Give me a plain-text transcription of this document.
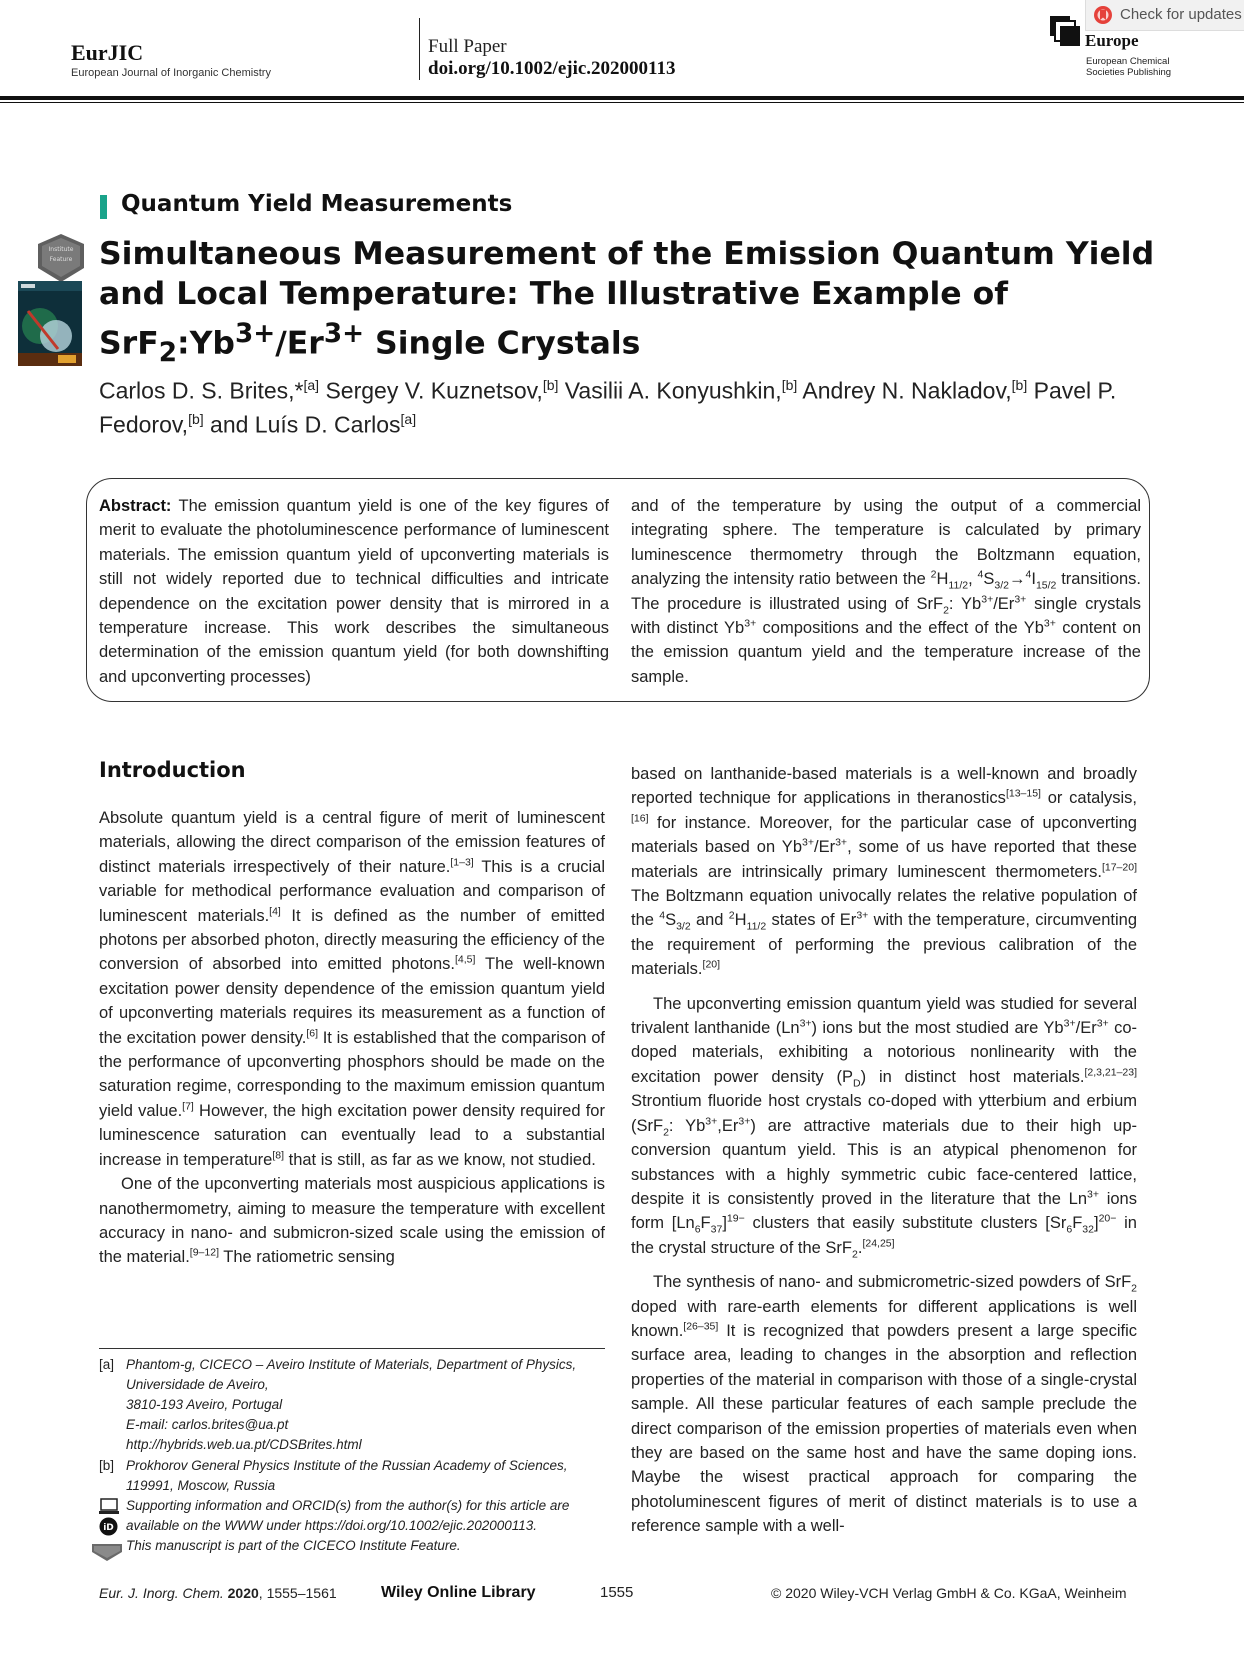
EurJIC
European Journal of Inorganic Chemistry
Full Paper
doi.org/10.1002/ejic.202000113
Europe
European Chemical
Societies Publishing
Check for updates
Institute
Feature
Quantum Yield Measurements
Simultaneous Measurement of the Emission Quantum Yield and Local Temperature: The Illustrative Example of $SrF_2:Yb^{3+}/Er^{3+}$ Single Crystals
Carlos D. S. Brites,*[a] Sergey V. Kuznetsov,[b] Vasilii A. Konyushkin,[b] Andrey N. Nakladov,[b] Pavel P. Fedorov,[b] and Luís D. Carlos[a]
Abstract: The emission quantum yield is one of the key figures of merit to evaluate the photoluminescence performance of luminescent materials. The emission quantum yield of upconverting materials is still not widely reported due to technical difficulties and intricate dependence on the excitation power density that is mirrored in a temperature increase. This work describes the simultaneous determination of the emission quantum yield (for both downshifting and upconverting processes)
and of the temperature by using the output of a commercial integrating sphere. The temperature is calculated by primary luminescence thermometry through the Boltzmann equation, analyzing the intensity ratio between the $^2H_{11/2}$, $^4S_{3/2}\to^4I_{15/2}$ transitions. The procedure is illustrated using of SrF$_2$: $Yb^{3+}/Er^{3+}$ single crystals with distinct $Yb^{3+}$ compositions and the effect of the $Yb^{3+}$ content on the emission quantum yield and the temperature increase of the sample.
Introduction

Absolute quantum yield is a central figure of merit of luminescent materials, allowing the direct comparison of the emission features of distinct materials irrespectively of their nature.[1–3] This is a crucial variable for methodical performance evaluation and comparison of luminescent materials.[4] It is defined as the number of emitted photons per absorbed photon, directly measuring the efficiency of the conversion of absorbed into emitted photons.[4,5] The well-known excitation power density dependence of the emission quantum yield of upconverting materials requires its measurement as a function of the excitation power density.[6] It is established that the comparison of the performance of upconverting phosphors should be made on the saturation regime, corresponding to the maximum emission quantum yield value.[7] However, the high excitation power density required for luminescence saturation can eventually lead to a substantial increase in temperature[8] that is still, as far as we know, not studied.

One of the upconverting materials most auspicious applications is nanothermometry, aiming to measure the temperature with excellent accuracy in nano- and submicron-sized scale using the emission of the material.[9–12] The ratiometric sensing

[a] Phantom-g, CICECO – Aveiro Institute of Materials, Department of Physics,
Universidade de Aveiro,
3810-193 Aveiro, Portugal
E-mail: carlos.brites@ua.pt
http://hybrids.web.ua.pt/CDSBrites.html
[b] Prokhorov General Physics Institute of the Russian Academy of Sciences,
119991, Moscow, Russia
iD
Supporting information and ORCID(s) from the author(s) for this article are
available on the WWW under https://doi.org/10.1002/ejic.202000113.
This manuscript is part of the CICECO Institute Feature.

based on lanthanide-based materials is a well-known and broadly reported technique for applications in theranostics[13–15] or catalysis,[16] for instance. Moreover, for the particular case of upconverting materials based on $Yb^{3+}/Er^{3+}$, some of us have reported that these materials are intrinsically primary luminescent thermometers.[17–20] The Boltzmann equation univocally relates the relative population of the $^4S_{3/2}$ and $^2H_{11/2}$ states of $Er^{3+}$ with the temperature, circumventing the requirement of performing the previous calibration of the materials.[20]

The upconverting emission quantum yield was studied for several trivalent lanthanide $(Ln^{3+})$ ions but the most studied are $Yb^{3+}/Er^{3+}$ co-doped materials, exhibiting a notorious nonlinearity with the excitation power density $(P_D)$ in distinct host materials.[2,3,21–23] Strontium fluoride host crystals co-doped with ytterbium and erbium (SrF$_2$: $Yb^{3+},Er^{3+}$) are attractive materials due to their high up-conversion quantum yield. This is an atypical phenomenon for substances with a highly symmetric cubic face-centered lattice, despite it is consistently proved in the literature that the $Ln^{3+}$ ions form $[Ln_6F_{37}]^{19-}$ clusters that easily substitute clusters $[Sr_6F_{32}]^{20-}$ in the crystal structure of the SrF$_2$.[24,25]

The synthesis of nano- and submicrometric-sized powders of SrF$_2$ doped with rare-earth elements for different applications is well known.[26–35] It is recognized that powders present a large specific surface area, leading to changes in the absorption and reflection properties of the material in comparison with those of a single-crystal sample. All these particular features of each sample preclude the direct comparison of the emission properties of materials even when they are based on the same host and have the same doping ions. Maybe the wisest practical approach for comparing the photoluminescent figures of merit of distinct materials is to use a reference sample with a well-

Eur. J. Inorg. Chem. 2020, 1555–1561	Wiley Online Library	1555	© 2020 Wiley-VCH Verlag GmbH & Co. KGaA, Weinheim
